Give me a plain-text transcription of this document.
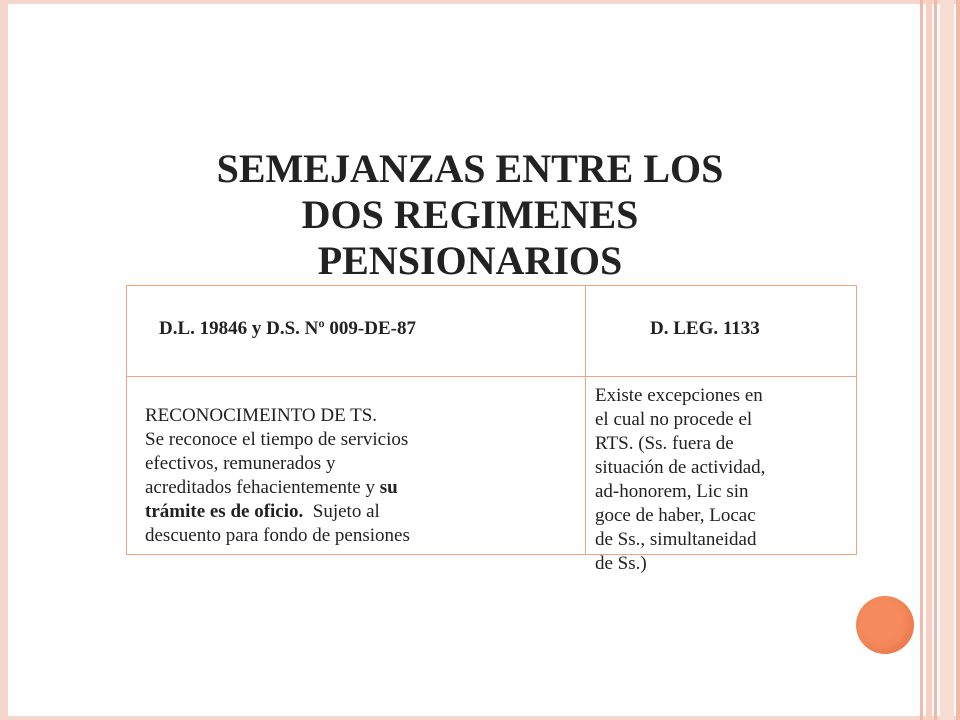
SEMEJANZAS ENTRE LOS
DOS REGIMENES
PENSIONARIOS
D.L. 19846 y D.S. Nº 009-DE-87	D. LEG. 1133
RECONOCIMEINTO DE TS.
Se reconoce el tiempo de servicios
efectivos, remunerados y
acreditados fehacientemente y su
trámite es de oficio.  Sujeto al
descuento para fondo de pensiones
Existe excepciones en
el cual no procede el
RTS. (Ss. fuera de
situación de actividad,
ad-honorem, Lic sin
goce de haber, Locac
de Ss., simultaneidad
de Ss.)
